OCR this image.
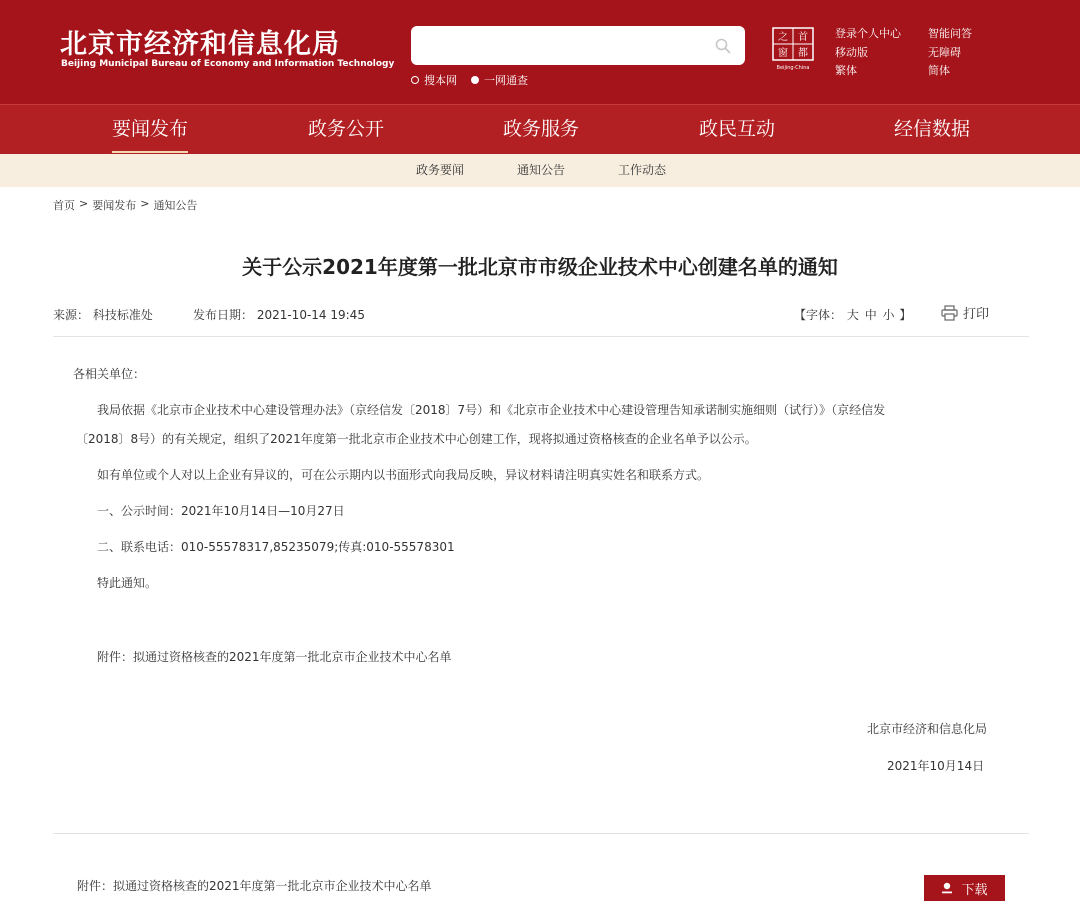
北京市经济和信息化局
Beijing Municipal Bureau of Economy and Information Technology
搜本网 一网通查
之 首
窗 都
Beijing·China
登录个人中心
移动版
繁体
智能问答
无障碍
简体
要闻发布	政务公开	政务服务	政民互动	经信数据
政务要闻	通知公告	工作动态
首页 > 要闻发布 > 通知公告
关于公示2021年度第一批北京市市级企业技术中心创建名单的通知
来源： 科技标准处	发布日期： 2021-10-14 19:45	【字体： 大 中 小 】	打印
各相关单位：
我局依据《北京市企业技术中心建设管理办法》（京经信发〔2018〕7号）和《北京市企业技术中心建设管理告知承诺制实施细则（试行）》（京经信发
〔2018〕8号）的有关规定，组织了2021年度第一批北京市企业技术中心创建工作，现将拟通过资格核查的企业名单予以公示。
如有单位或个人对以上企业有异议的，可在公示期内以书面形式向我局反映，异议材料请注明真实姓名和联系方式。
一、公示时间：2021年10月14日—10月27日
二、联系电话：010-55578317,85235079;传真:010-55578301
特此通知。
附件：拟通过资格核查的2021年度第一批北京市企业技术中心名单
北京市经济和信息化局
2021年10月14日
附件：拟通过资格核查的2021年度第一批北京市企业技术中心名单	下载
